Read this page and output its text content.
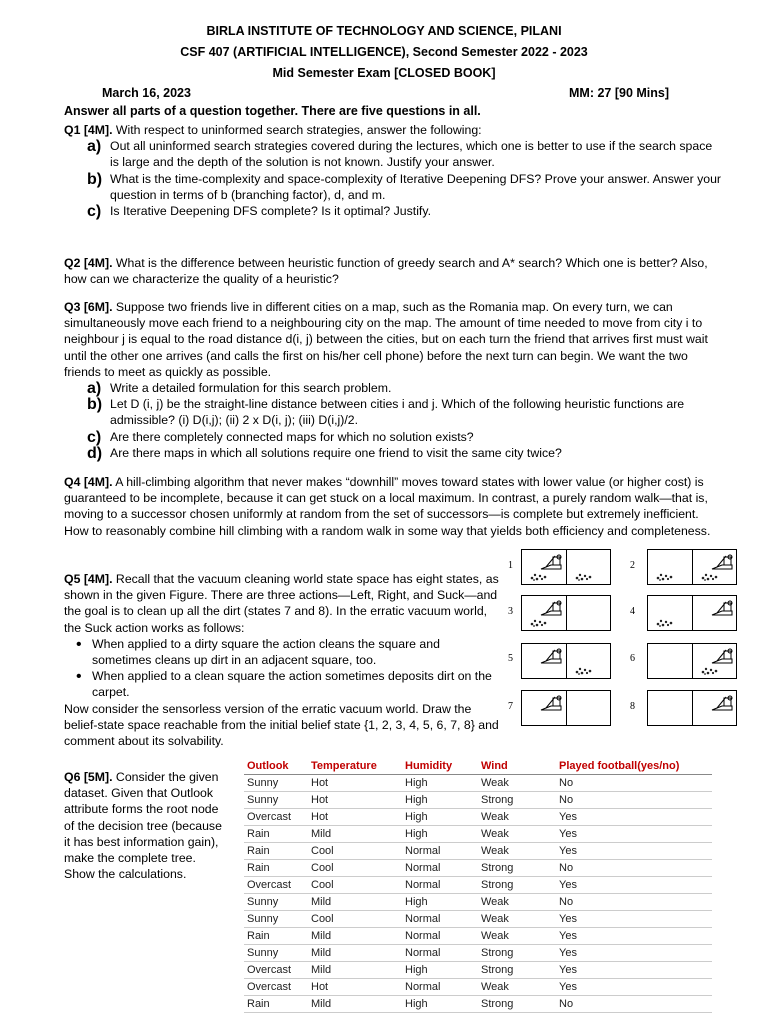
BIRLA INSTITUTE OF TECHNOLOGY AND SCIENCE, PILANI
CSF 407 (ARTIFICIAL INTELLIGENCE), Second Semester 2022 - 2023
Mid Semester Exam [CLOSED BOOK]
March 16, 2023	MM: 27 [90 Mins]
Answer all parts of a question together. There are five questions in all.

Q1 [4M]. With respect to uninformed search strategies, answer the following:

a) Out all uninformed search strategies covered during the lectures, which one is better to use if the search space is large and the depth of the solution is not known. Justify your answer.

b) What is the time-complexity and space-complexity of Iterative Deepening DFS? Prove your answer. Answer your question in terms of b (branching factor), d, and m.

c) Is Iterative Deepening DFS complete? Is it optimal? Justify.

Q2 [4M]. What is the difference between heuristic function of greedy search and A* search? Which one is better? Also, how can we characterize the quality of a heuristic?

Q3 [6M]. Suppose two friends live in different cities on a map, such as the Romania map. On every turn, we can simultaneously move each friend to a neighbouring city on the map. The amount of time needed to move from city i to neighbour j is equal to the road distance d(i, j) between the cities, but on each turn the friend that arrives first must wait until the other one arrives (and calls the first on his/her cell phone) before the next turn can begin. We want the two friends to meet as quickly as possible.

a) Write a detailed formulation for this search problem.

b) Let D (i, j) be the straight-line distance between cities i and j. Which of the following heuristic functions are admissible? (i) D(i,j); (ii) 2 x D(i, j); (iii) D(i,j)/2.

c) Are there completely connected maps for which no solution exists?

d) Are there maps in which all solutions require one friend to visit the same city twice?

Q4 [4M]. A hill-climbing algorithm that never makes “downhill” moves toward states with lower value (or higher cost) is guaranteed to be incomplete, because it can get stuck on a local maximum. In contrast, a purely random walk—that is, moving to a successor chosen uniformly at random from the set of successors—is complete but extremely inefficient. How to reasonably combine hill climbing with a random walk in some way that yields both efficiency and completeness.

Q5 [4M]. Recall that the vacuum cleaning world state space has eight states, as shown in the given Figure. There are three actions—Left, Right, and Suck—and the goal is to clean up all the dirt (states 7 and 8). In the erratic vacuum world, the Suck action works as follows:

• When applied to a dirty square the action cleans the square and sometimes cleans up dirt in an adjacent square, too.

• When applied to a clean square the action sometimes deposits dirt on the carpet.

Now consider the sensorless version of the erratic vacuum world. Draw the belief-state space reachable from the initial belief state {1, 2, 3, 4, 5, 6, 7, 8} and comment about its solvability.

1	2
3	4
5	6
7	8

Q6 [5M]. Consider the given dataset. Given that Outlook attribute forms the root node of the decision tree (because it has best information gain), make the complete tree. Show the calculations.

Outlook	Temperature	Humidity	Wind	Played football(yes/no)
Sunny	Hot	High	Weak	No
Sunny	Hot	High	Strong	No
Overcast	Hot	High	Weak	Yes
Rain	Mild	High	Weak	Yes
Rain	Cool	Normal	Weak	Yes
Rain	Cool	Normal	Strong	No
Overcast	Cool	Normal	Strong	Yes
Sunny	Mild	High	Weak	No
Sunny	Cool	Normal	Weak	Yes
Rain	Mild	Normal	Weak	Yes
Sunny	Mild	Normal	Strong	Yes
Overcast	Mild	High	Strong	Yes
Overcast	Hot	Normal	Weak	Yes
Rain	Mild	High	Strong	No
